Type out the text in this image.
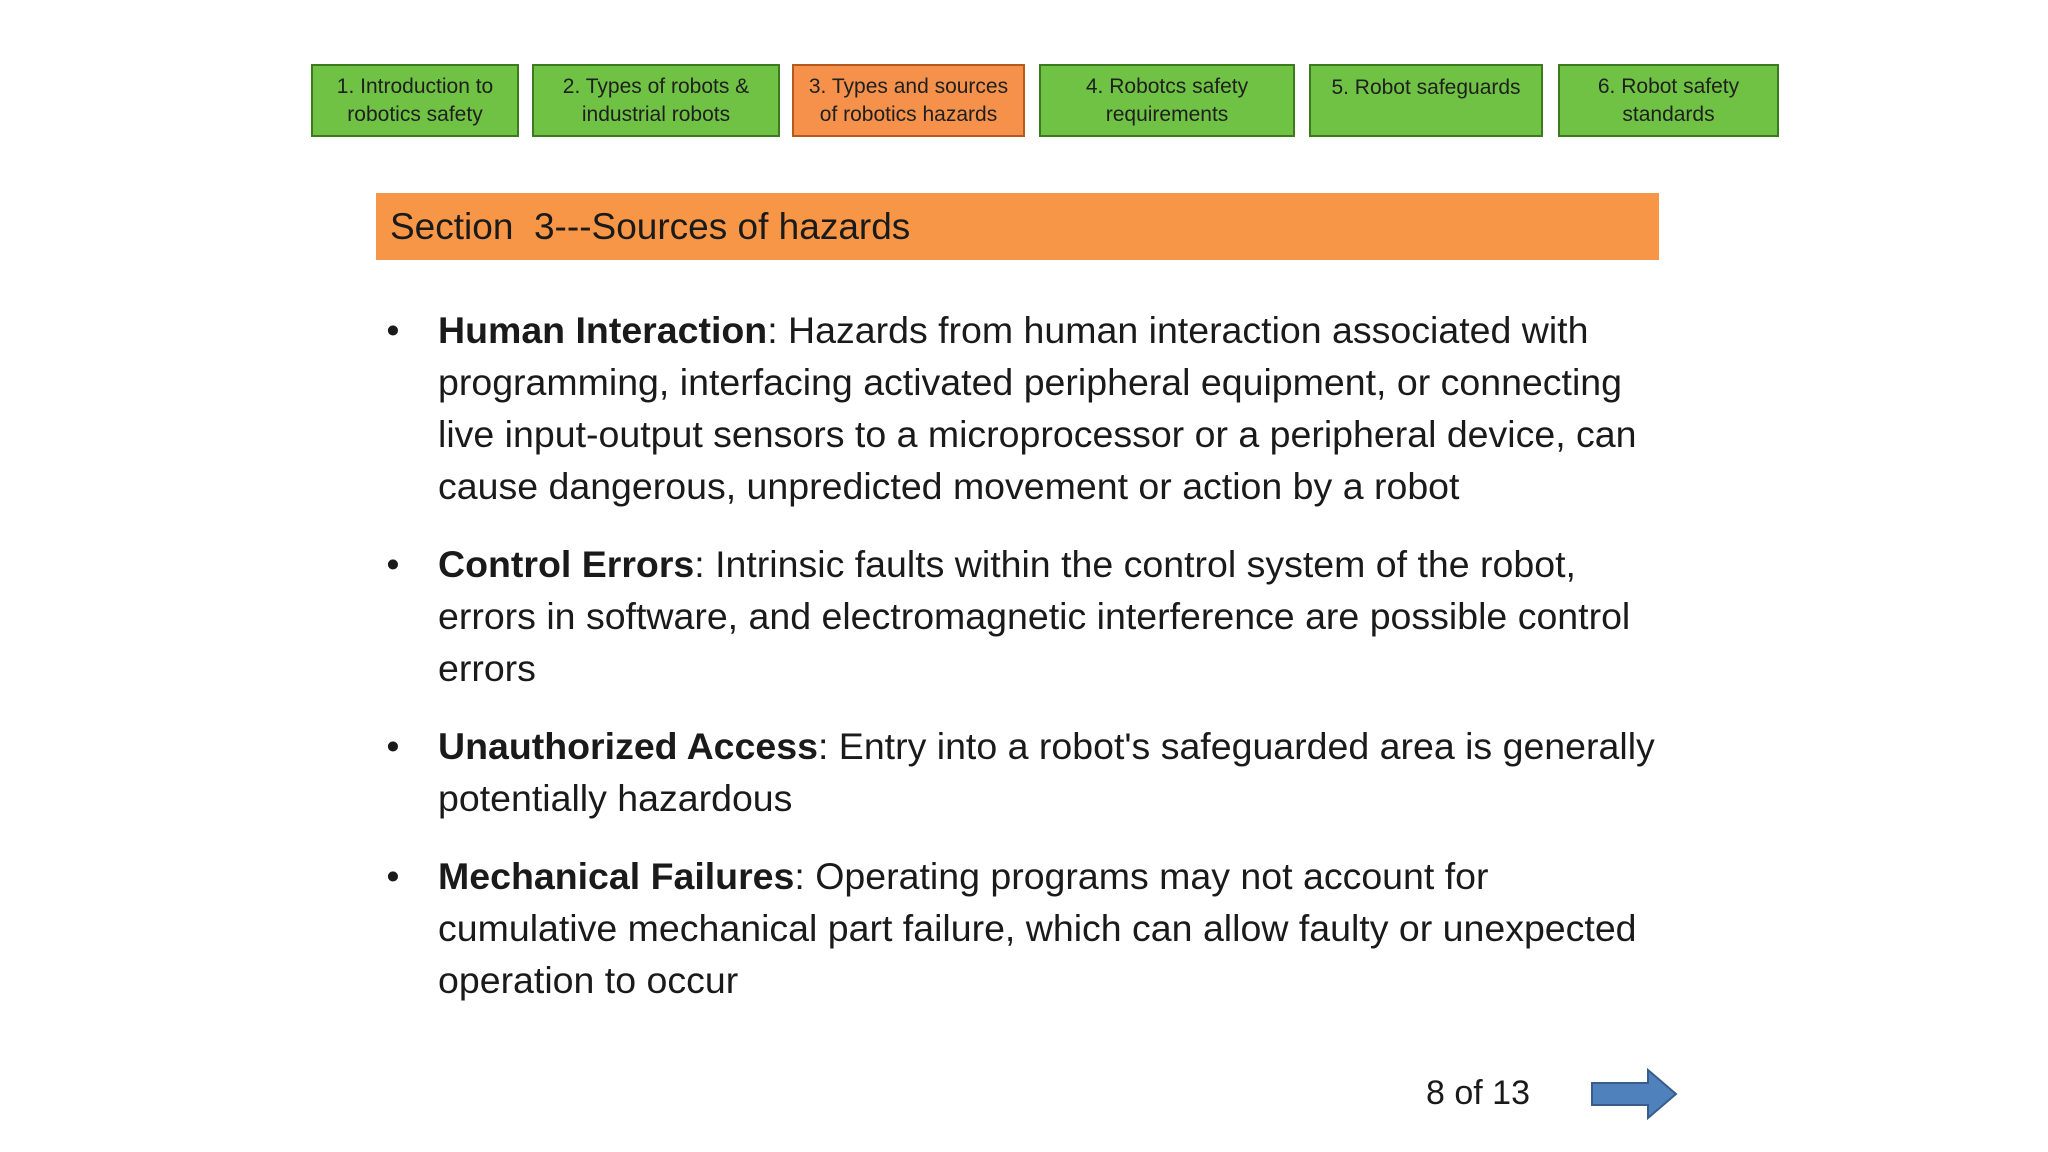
1. Introduction to
robotics safety
2. Types of robots &
industrial robots
3. Types and sources
of robotics hazards
4. Robotcs safety
requirements
5. Robot safeguards	6. Robot safety
standards
Section  3---Sources of hazards
• Human Interaction: Hazards from human interaction associated with programming, interfacing activated peripheral equipment, or connecting live input-output sensors to a microprocessor or a peripheral device, can cause dangerous, unpredicted movement or action by a robot
• Control Errors: Intrinsic faults within the control system of the robot, errors in software, and electromagnetic interference are possible control errors
• Unauthorized Access: Entry into a robot's safeguarded area is generally potentially hazardous
• Mechanical Failures: Operating programs may not account for cumulative mechanical part failure, which can allow faulty or unexpected operation to occur
8 of 13
